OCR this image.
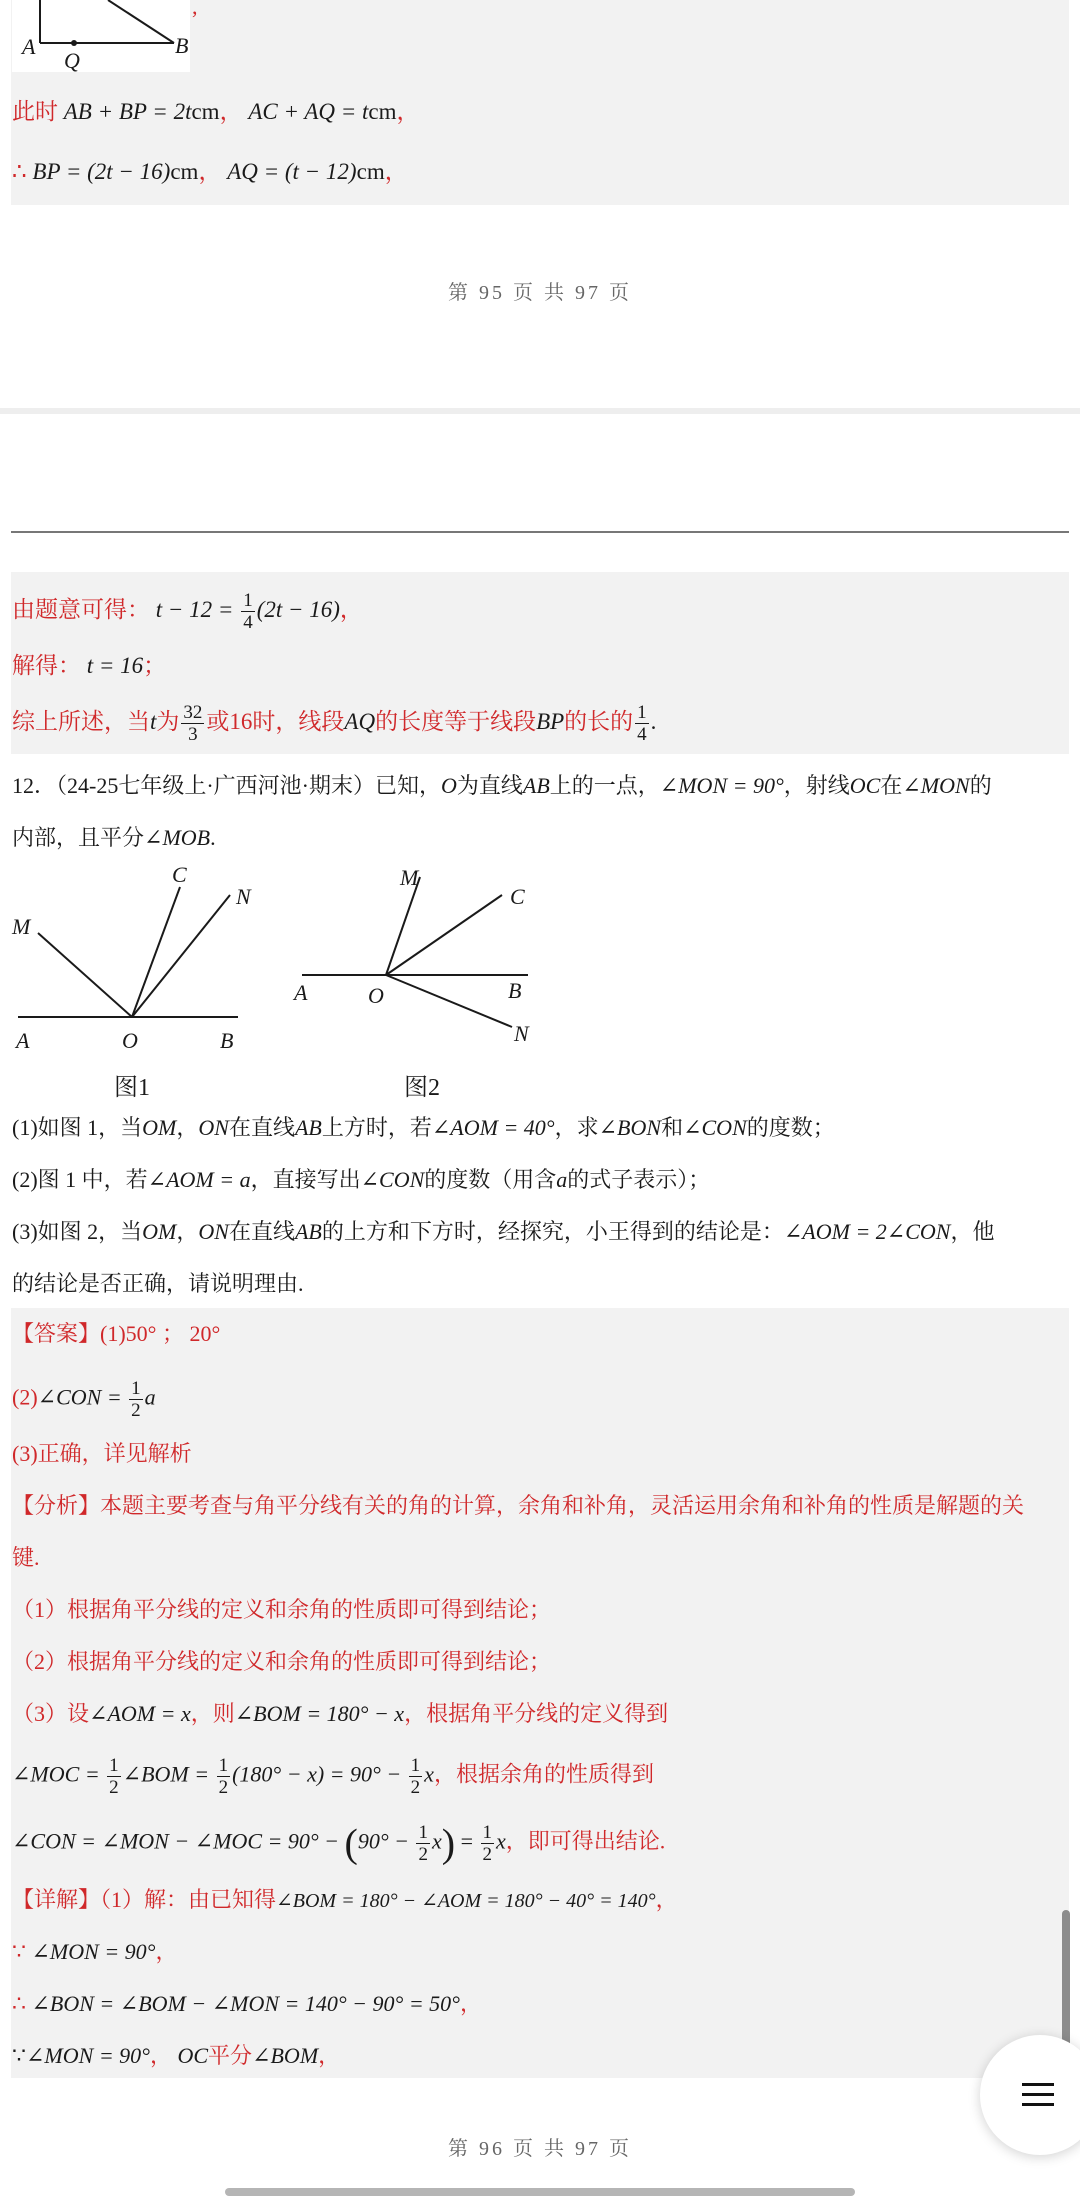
A
Q
B
,
此时 AB + BP = 2tcm， AC + AQ = tcm，
∴ BP = (2t − 16)cm， AQ = (t − 12)cm，
第 95 页 共 97 页
由题意可得： $t - 12 = \frac{1}{4} (2t - 16)$，
解得： t = 16；
综上所述，当t为 $\frac{32}{3}$ 或16时，线段AQ的长度等于线段BP的长的 $\frac{1}{4}$ .
12．（24-25七年级上·广西河池·期末）已知，O为直线AB上的一点，∠MON = 90°，射线OC在∠MON的
内部，且平分∠MOB.
M
C
N
A	O	B
图1
M
C
A	O	B
N
图2
(1)如图 1，当OM，ON在直线AB上方时，若∠AOM = 40°，求∠BON和∠CON的度数；
(2)图 1 中，若∠AOM = a，直接写出∠CON的度数（用含a的式子表示）；
(3)如图 2，当OM，ON在直线AB的上方和下方时，经探究，小王得到的结论是：∠AOM = 2∠CON，他
的结论是否正确，请说明理由.
【答案】(1)50° ； 20°
(2)∠CON = $\frac{1}{2}$ a
(3)正确，详见解析
【分析】本题主要考查与角平分线有关的角的计算，余角和补角，灵活运用余角和补角的性质是解题的关
键.
（1）根据角平分线的定义和余角的性质即可得到结论；
（2）根据角平分线的定义和余角的性质即可得到结论；
（3）设∠AOM = x，则∠BOM = 180° − x，根据角平分线的定义得到
∠MOC = $\frac{1}{2}$ ∠BOM = $\frac{1}{2} (180^\circ - x) = 90^\circ - \frac{1}{2}$ x，根据余角的性质得到
∠CON = ∠MON − ∠MOC = $90^\circ - (90^\circ - \frac{1}{2} x) = \frac{1}{2}$ x，即可得出结论.
【详解】（1）解：由已知得∠BOM = 180° − ∠AOM = 180° − 40° = 140°，
∵ ∠MON = 90°，
∴ ∠BON = ∠BOM − ∠MON = 140° − 90° = 50°，
∵∠MON = 90°， OC平分∠BOM，
第 96 页 共 97 页
